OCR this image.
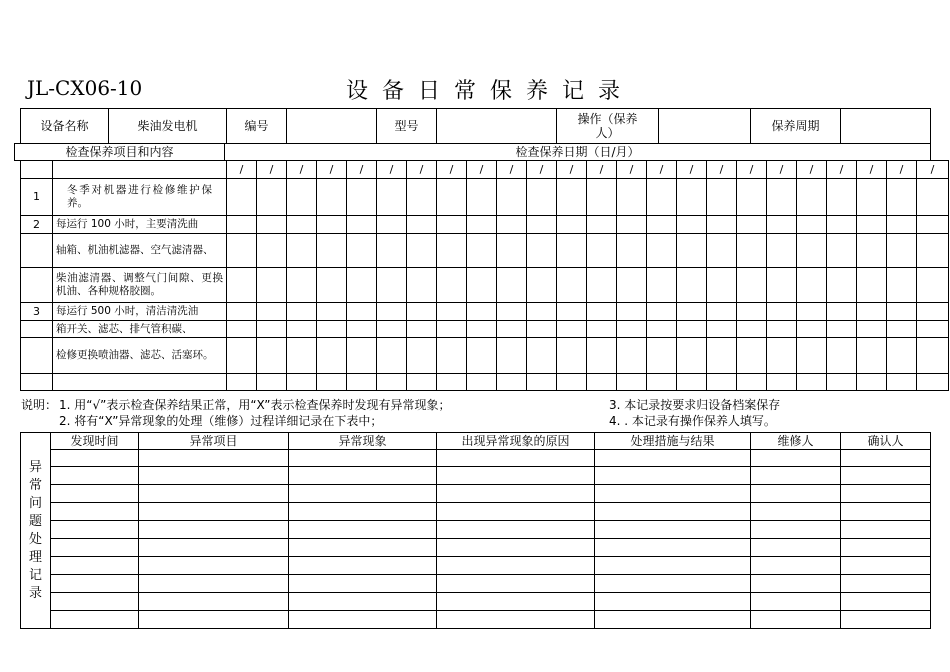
JL-CX06-10	设备日常保养记录
设备名称	柴油发电机	编号		型号		操作（保养人）		保养周期	
检查保养项目和内容	检查保养日期（日/月）
		/	/	/	/	/	/	/	/	/	/	/	/	/	/	/	/	/	/	/	/	/	/	/	/
1	冬季对机器进行检修维护保养。																								
2	每运行 100 小时，主要清洗曲																								
	轴箱、机油机滤器、空气滤清器、																								
	柴油滤清器、调整气门间隙、更换机油、各种规格胶圈。																								
3	每运行 500 小时，清洁清洗油																								
	箱开关、滤芯、排气管积碳、																								
	检修更换喷油器、滤芯、活塞环。																								

说明： 1. 用“√”表示检查保养结果正常，用“X”表示检查保养时发现有异常现象；
2. 将有“X”异常现象的处理（维修）过程详细记录在下表中；
3. 本记录按要求归设备档案保存
4. . 本记录有操作保养人填写。
异常问题处理记录	发现时间	异常项目	异常现象	出现异常现象的原因	处理措施与结果	维修人	确认人
